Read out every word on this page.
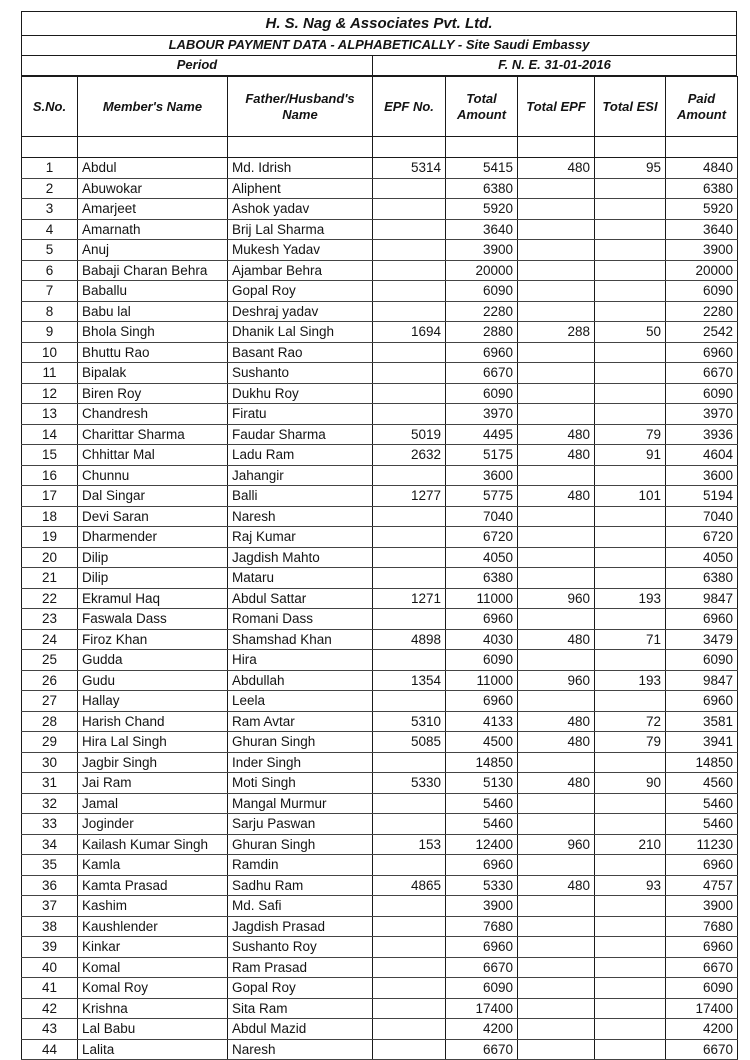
H. S. Nag & Associates Pvt. Ltd.
LABOUR PAYMENT DATA - ALPHABETICALLY - Site Saudi Embassy
Period	F. N. E. 31-01-2016
S.No.	Member's Name	Father/Husband's Name	EPF No.	Total Amount	Total EPF	Total ESI	Paid Amount

1	Abdul	Md. Idrish	5314	5415	480	95	4840
2	Abuwokar	Aliphent		6380			6380
3	Amarjeet	Ashok yadav		5920			5920
4	Amarnath	Brij Lal Sharma		3640			3640
5	Anuj	Mukesh Yadav		3900			3900
6	Babaji Charan Behra	Ajambar Behra		20000			20000
7	Baballu	Gopal Roy		6090			6090
8	Babu lal	Deshraj yadav		2280			2280
9	Bhola Singh	Dhanik Lal Singh	1694	2880	288	50	2542
10	Bhuttu Rao	Basant Rao		6960			6960
11	Bipalak	Sushanto		6670			6670
12	Biren Roy	Dukhu Roy		6090			6090
13	Chandresh	Firatu		3970			3970
14	Charittar Sharma	Faudar Sharma	5019	4495	480	79	3936
15	Chhittar Mal	Ladu Ram	2632	5175	480	91	4604
16	Chunnu	Jahangir		3600			3600
17	Dal Singar	Balli	1277	5775	480	101	5194
18	Devi Saran	Naresh		7040			7040
19	Dharmender	Raj Kumar		6720			6720
20	Dilip	Jagdish Mahto		4050			4050
21	Dilip	Mataru		6380			6380
22	Ekramul Haq	Abdul Sattar	1271	11000	960	193	9847
23	Faswala Dass	Romani Dass		6960			6960
24	Firoz Khan	Shamshad Khan	4898	4030	480	71	3479
25	Gudda	Hira		6090			6090
26	Gudu	Abdullah	1354	11000	960	193	9847
27	Hallay	Leela		6960			6960
28	Harish Chand	Ram Avtar	5310	4133	480	72	3581
29	Hira Lal Singh	Ghuran Singh	5085	4500	480	79	3941
30	Jagbir Singh	Inder Singh		14850			14850
31	Jai Ram	Moti Singh	5330	5130	480	90	4560
32	Jamal	Mangal Murmur		5460			5460
33	Joginder	Sarju Paswan		5460			5460
34	Kailash Kumar Singh	Ghuran Singh	153	12400	960	210	11230
35	Kamla	Ramdin		6960			6960
36	Kamta Prasad	Sadhu Ram	4865	5330	480	93	4757
37	Kashim	Md. Safi		3900			3900
38	Kaushlender	Jagdish Prasad		7680			7680
39	Kinkar	Sushanto Roy		6960			6960
40	Komal	Ram Prasad		6670			6670
41	Komal Roy	Gopal Roy		6090			6090
42	Krishna	Sita Ram		17400			17400
43	Lal Babu	Abdul Mazid		4200			4200
44	Lalita	Naresh		6670			6670
